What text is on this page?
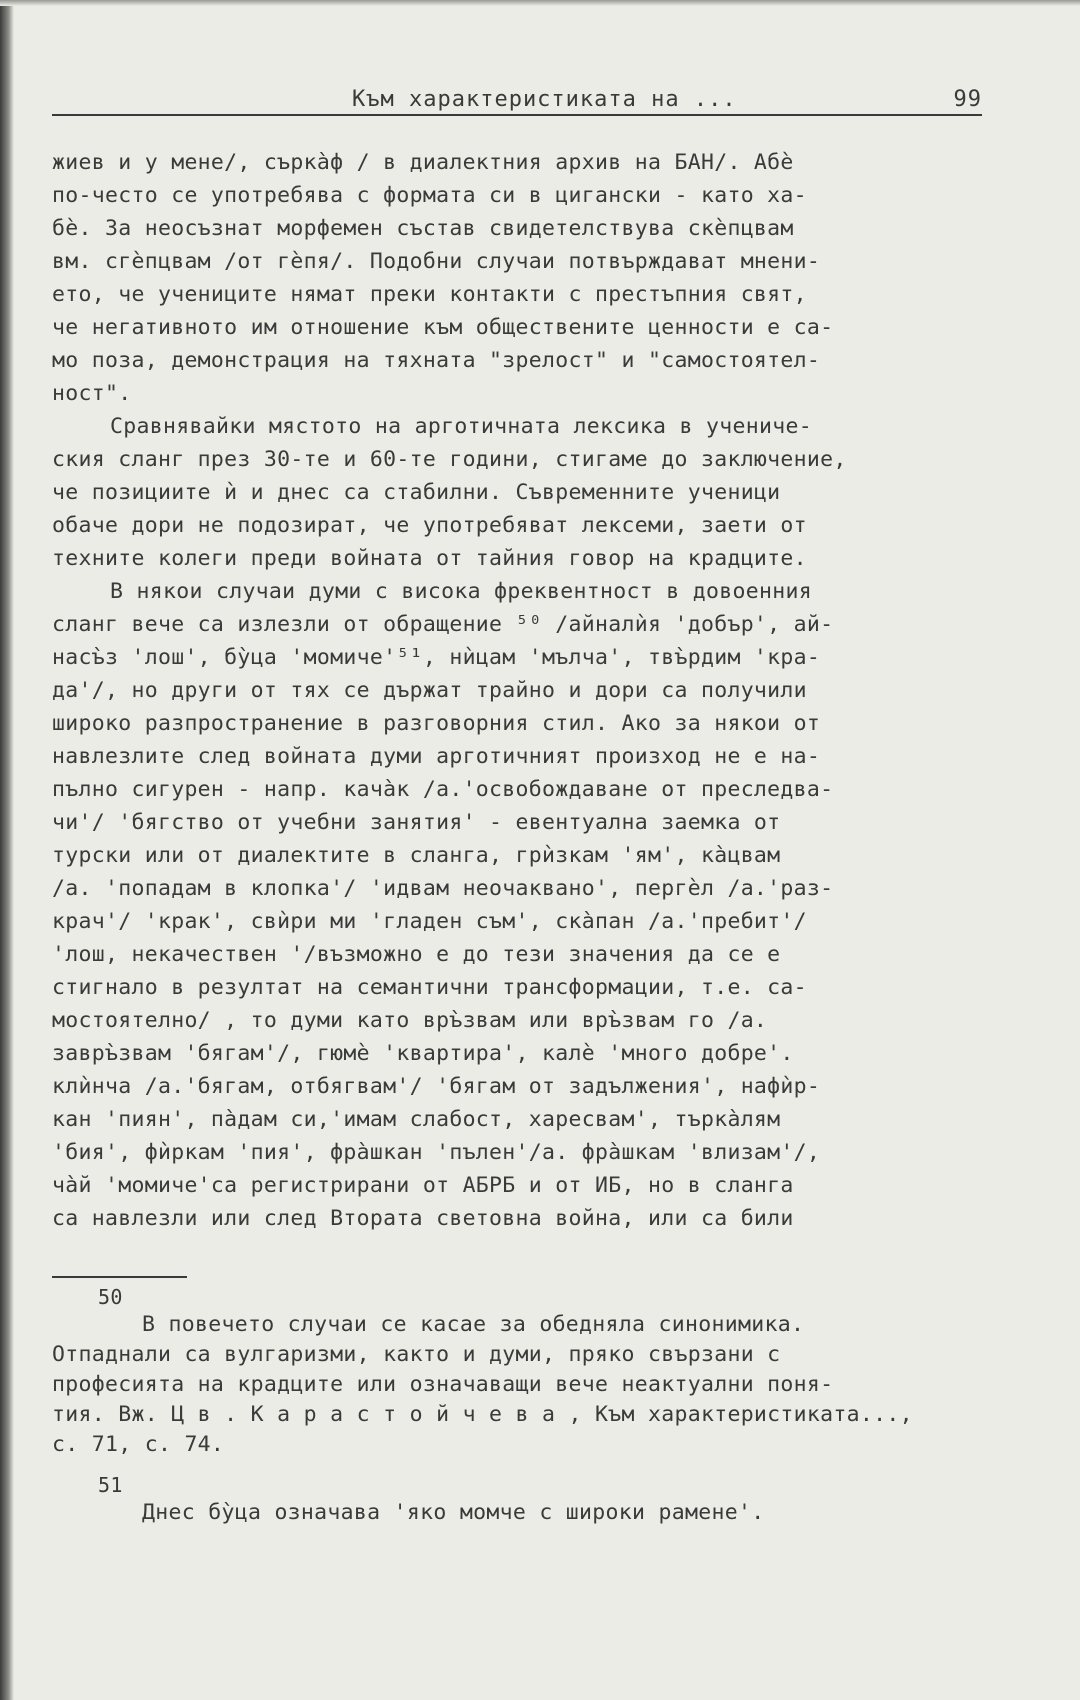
Към характеристиката на ...	99
жиев и у мене/, сърка̀ф / в диалектния архив на БАН/. Абѐ
по-често се употребява с формата си в цигански - като ха-
бѐ. За неосъзнат морфемен състав свидетелствува скѐпцвам
вм. сгѐпцвам /от гѐпя/. Подобни случаи потвърждават мнени-
ето, че учениците нямат преки контакти с престъпния свят,
че негативното им отношение към обществените ценности е са-
мо поза, демонстрация на тяхната "зрелост" и "самостоятел-
ност".
Сравнявайки мястото на арготичната лексика в учениче-
ския сланг през 30-те и 60-те години, стигаме до заключение,
че позициите ѝ и днес са стабилни. Съвременните ученици
обаче дори не подозират, че употребяват лексеми, заети от
техните колеги преди войната от тайния говор на крадците.
В някои случаи думи с висока фреквентност в довоенния
сланг вече са излезли от обращение ⁵⁰ /айналѝя 'добър', ай-
насъ̀з 'лош', бу̀ца 'момиче'⁵¹, нѝцам 'мълча', твъ̀рдим 'кра-
да'/, но други от тях се държат трайно и дори са получили
широко разпространение в разговорния стил. Ако за някои от
навлезлите след войната думи арготичният произход не е на-
пълно сигурен - напр. кача̀к /а.'освобождаване от преследва-
чи'/ 'бягство от учебни занятия' - евентуална заемка от
турски или от диалектите в сланга, грѝзкам 'ям', ка̀цвам
/а. 'попадам в клопка'/ 'идвам неочаквано', пергѐл /а.'раз-
крач'/ 'крак', свѝри ми 'гладен съм', ска̀пан /а.'пребит'/
'лош, некачествен '/възможно е до тези значения да се е
стигнало в резултат на семантични трансформации, т.е. са-
мостоятелно/ , то думи като връ̀звам или връ̀звам го /а.
завръ̀звам 'бягам'/, гюмѐ 'квартира', калѐ 'много добре'.
клѝнча /а.'бягам, отбягвам'/ 'бягам от задължения', нафѝр-
кан 'пиян', па̀дам си,'имам слабост, харесвам', търка̀лям
'бия', фѝркам 'пия', фра̀шкан 'пълен'/а. фра̀шкам 'влизам'/,
ча̀й 'момиче'са регистрирани от АБРБ и от ИБ, но в сланга
са навлезли или след Втората световна война, или са били
50
В повечето случаи се касае за обедняла синонимика.
Отпаднали са вулгаризми, както и думи, пряко свързани с
професията на крадците или означаващи вече неактуални поня-
тия. Вж. Ц в . К а р а с т о й ч е в а , Към характеристиката...,
с. 71, с. 74.
51
Днес бу̀ца означава 'яко момче с широки рамене'.
